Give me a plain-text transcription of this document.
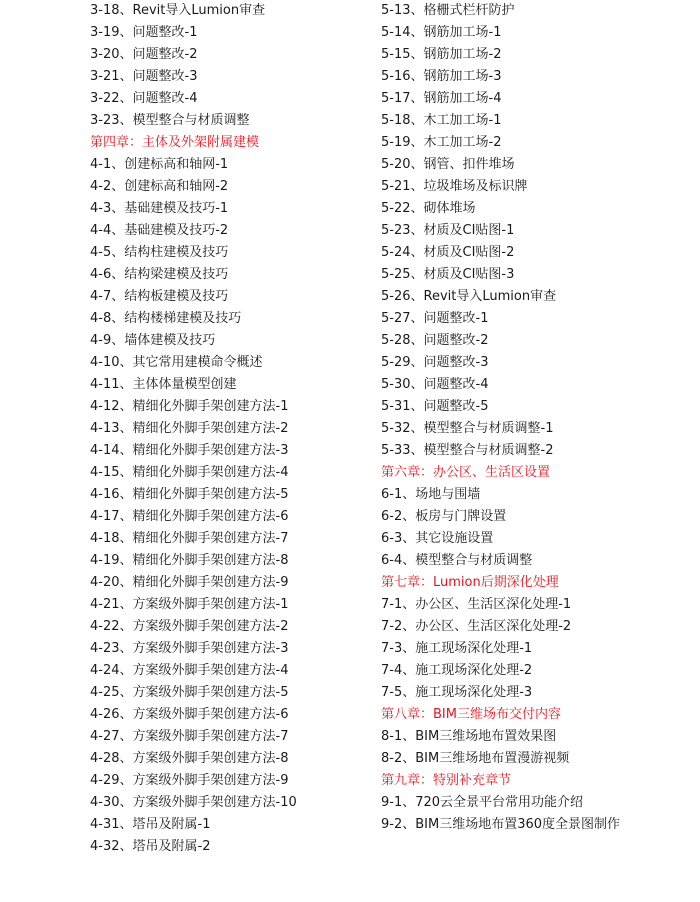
3-18、Revit导入Lumion审查
3-19、问题整改-1
3-20、问题整改-2
3-21、问题整改-3
3-22、问题整改-4
3-23、模型整合与材质调整
第四章：主体及外架附属建模
4-1、创建标高和轴网-1
4-2、创建标高和轴网-2
4-3、基础建模及技巧-1
4-4、基础建模及技巧-2
4-5、结构柱建模及技巧
4-6、结构梁建模及技巧
4-7、结构板建模及技巧
4-8、结构楼梯建模及技巧
4-9、墙体建模及技巧
4-10、其它常用建模命令概述
4-11、主体体量模型创建
4-12、精细化外脚手架创建方法-1
4-13、精细化外脚手架创建方法-2
4-14、精细化外脚手架创建方法-3
4-15、精细化外脚手架创建方法-4
4-16、精细化外脚手架创建方法-5
4-17、精细化外脚手架创建方法-6
4-18、精细化外脚手架创建方法-7
4-19、精细化外脚手架创建方法-8
4-20、精细化外脚手架创建方法-9
4-21、方案级外脚手架创建方法-1
4-22、方案级外脚手架创建方法-2
4-23、方案级外脚手架创建方法-3
4-24、方案级外脚手架创建方法-4
4-25、方案级外脚手架创建方法-5
4-26、方案级外脚手架创建方法-6
4-27、方案级外脚手架创建方法-7
4-28、方案级外脚手架创建方法-8
4-29、方案级外脚手架创建方法-9
4-30、方案级外脚手架创建方法-10
4-31、塔吊及附属-1
4-32、塔吊及附属-2
5-13、格栅式栏杆防护
5-14、钢筋加工场-1
5-15、钢筋加工场-2
5-16、钢筋加工场-3
5-17、钢筋加工场-4
5-18、木工加工场-1
5-19、木工加工场-2
5-20、钢管、扣件堆场
5-21、垃圾堆场及标识牌
5-22、砌体堆场
5-23、材质及CI贴图-1
5-24、材质及CI贴图-2
5-25、材质及CI贴图-3
5-26、Revit导入Lumion审查
5-27、问题整改-1
5-28、问题整改-2
5-29、问题整改-3
5-30、问题整改-4
5-31、问题整改-5
5-32、模型整合与材质调整-1
5-33、模型整合与材质调整-2
第六章：办公区、生活区设置
6-1、场地与围墙
6-2、板房与门牌设置
6-3、其它设施设置
6-4、模型整合与材质调整
第七章：Lumion后期深化处理
7-1、办公区、生活区深化处理-1
7-2、办公区、生活区深化处理-2
7-3、施工现场深化处理-1
7-4、施工现场深化处理-2
7-5、施工现场深化处理-3
第八章：BIM三维场布交付内容
8-1、BIM三维场地布置效果图
8-2、BIM三维场地布置漫游视频
第九章：特别补充章节
9-1、720云全景平台常用功能介绍
9-2、BIM三维场地布置360度全景图制作
